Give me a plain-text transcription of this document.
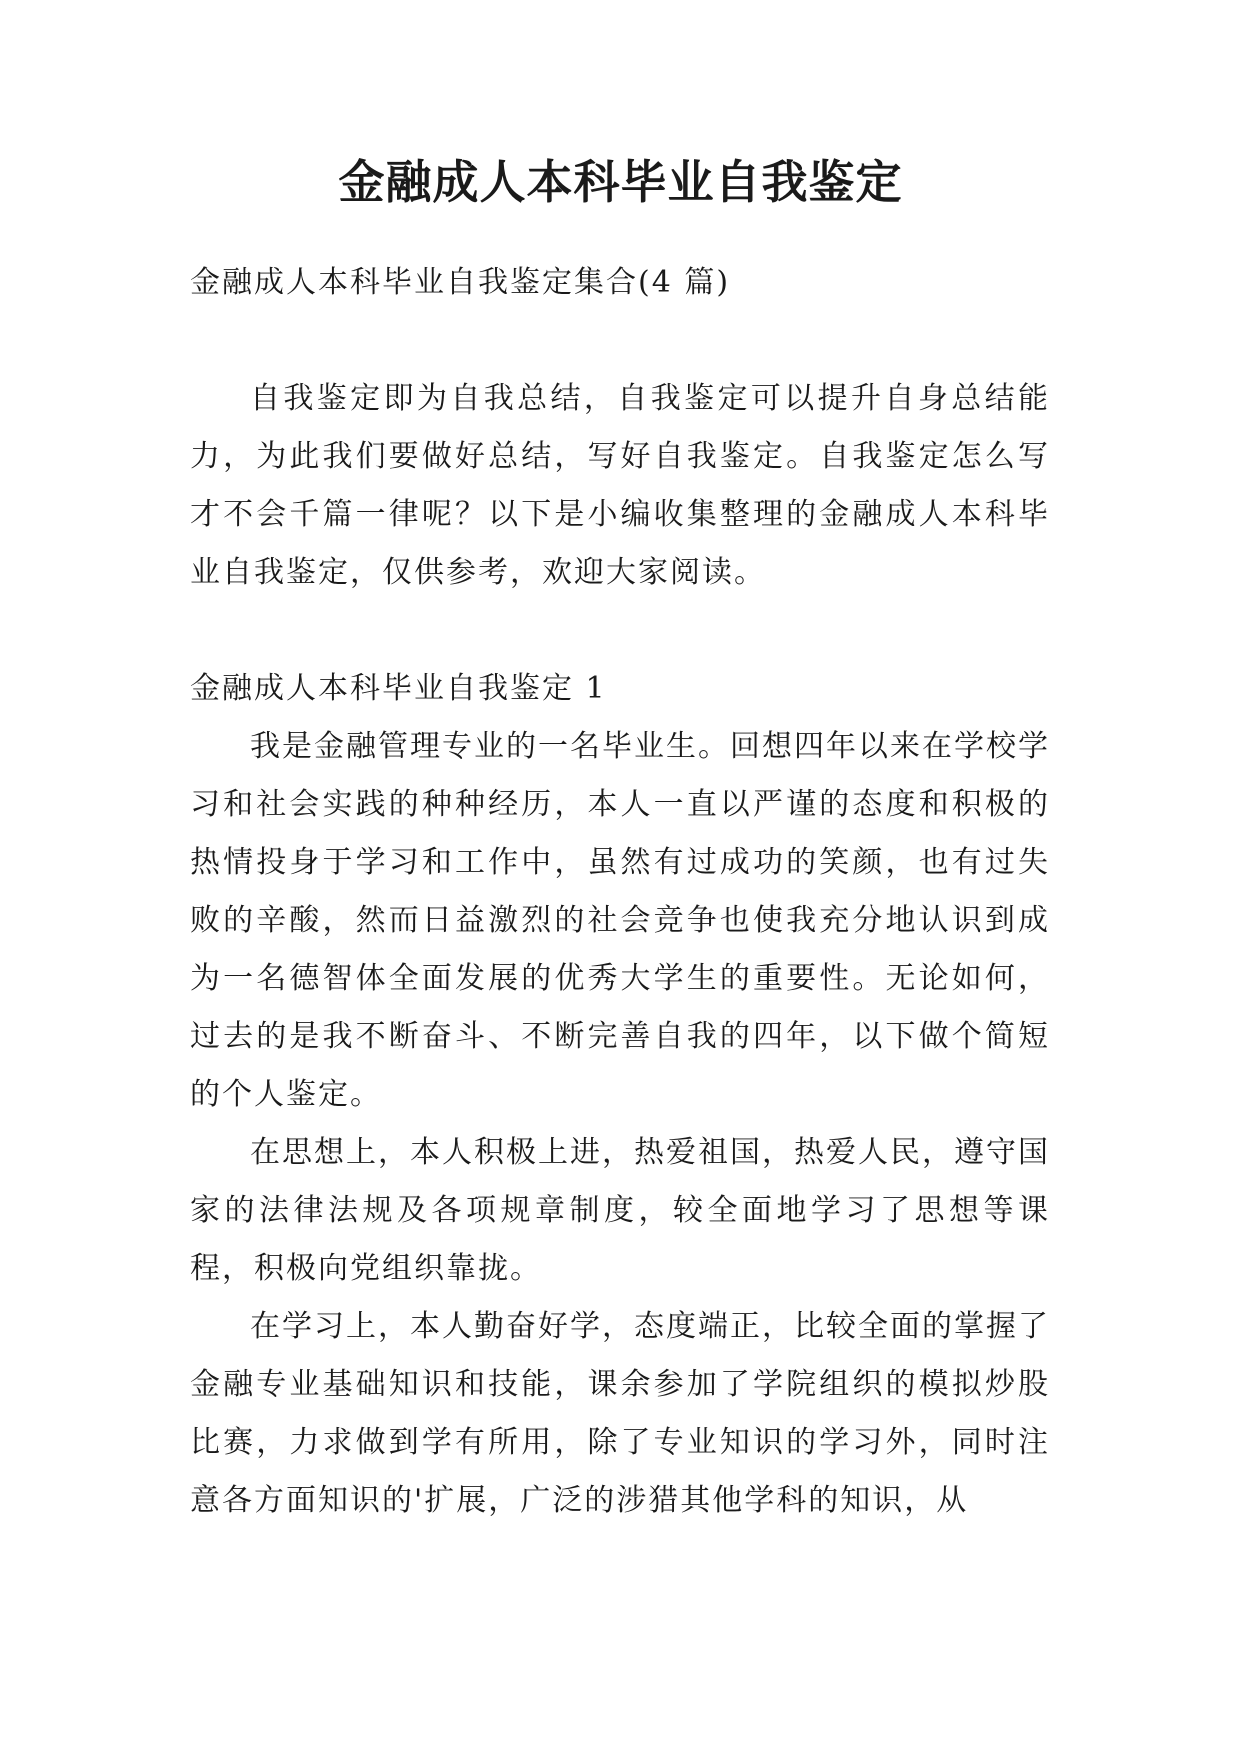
金融成人本科毕业自我鉴定

金融成人本科毕业自我鉴定集合(4 篇)

自我鉴定即为自我总结，自我鉴定可以提升自身总结能力，为此我们要做好总结，写好自我鉴定。自我鉴定怎么写才不会千篇一律呢？以下是小编收集整理的金融成人本科毕业自我鉴定，仅供参考，欢迎大家阅读。

金融成人本科毕业自我鉴定 1

我是金融管理专业的一名毕业生。回想四年以来在学校学习和社会实践的种种经历，本人一直以严谨的态度和积极的热情投身于学习和工作中，虽然有过成功的笑颜，也有过失败的辛酸，然而日益激烈的社会竞争也使我充分地认识到成为一名德智体全面发展的优秀大学生的重要性。无论如何，过去的是我不断奋斗、不断完善自我的四年，以下做个简短的个人鉴定。

在思想上，本人积极上进，热爱祖国，热爱人民，遵守国家的法律法规及各项规章制度，较全面地学习了思想等课程，积极向党组织靠拢。

在学习上，本人勤奋好学，态度端正，比较全面的掌握了金融专业基础知识和技能，课余参加了学院组织的模拟炒股比赛，力求做到学有所用，除了专业知识的学习外，同时注意各方面知识的'扩展，广泛的涉猎其他学科的知识，从
